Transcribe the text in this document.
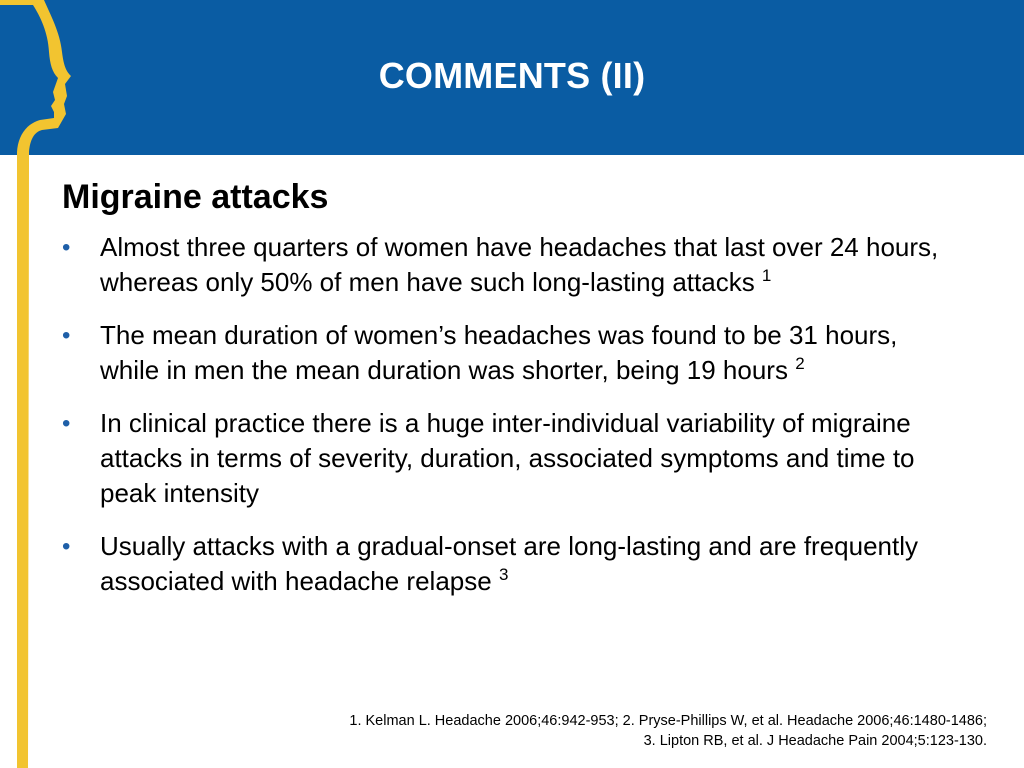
COMMENTS (II)
Migraine attacks
• Almost three quarters of women have headaches that last over 24 hours, whereas only 50% of men have such long-lasting attacks $^1$
• The mean duration of women’s headaches was found to be 31 hours, while in men the mean duration was shorter, being 19 hours $^2$
• In clinical practice there is a huge inter-individual variability of migraine attacks in terms of severity, duration, associated symptoms and time to peak intensity
• Usually attacks with a gradual-onset are long-lasting and are frequently associated with headache relapse $^3$
1. Kelman L. Headache 2006;46:942-953; 2. Pryse-Phillips W, et al. Headache 2006;46:1480-1486;
3. Lipton RB, et al. J Headache Pain 2004;5:123-130.
